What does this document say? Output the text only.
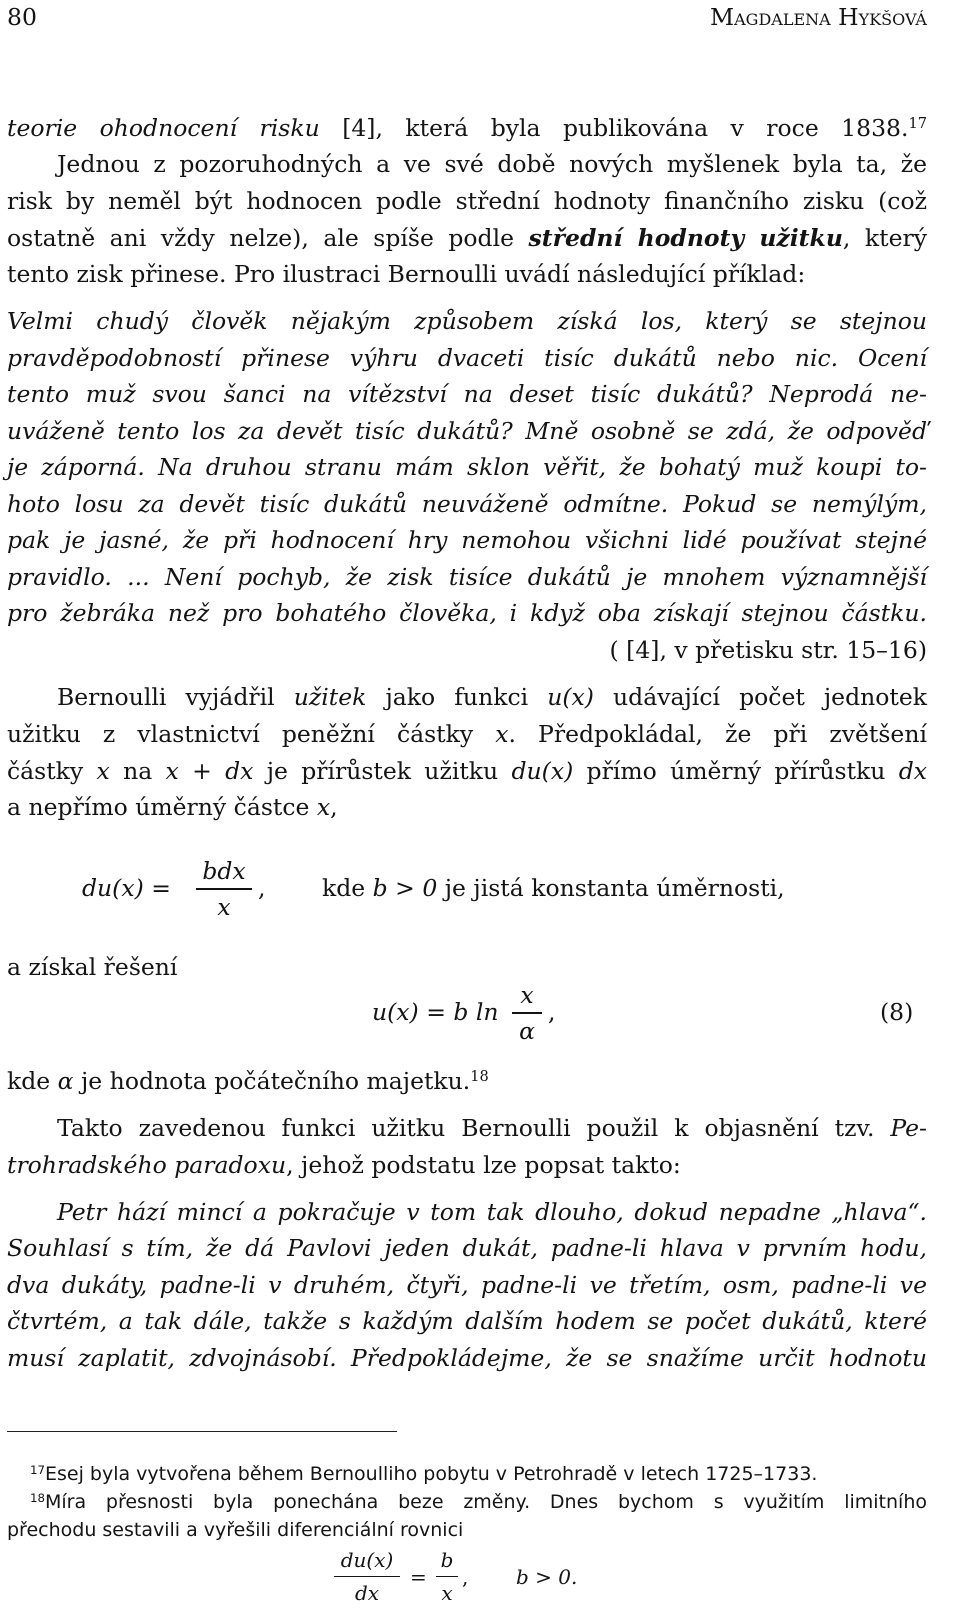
80	Magdalena Hykšová
teorie ohodnocení risku [4], která byla publikována v roce 1838.17
Jednou z pozoruhodných a ve své době nových myšlenek byla ta, že
risk by neměl být hodnocen podle střední hodnoty finančního zisku (což
ostatně ani vždy nelze), ale spíše podle střední hodnoty užitku, který
tento zisk přinese. Pro ilustraci Bernoulli uvádí následující příklad:
Velmi chudý člověk nějakým způsobem získá los, který se stejnou
pravděpodobností přinese výhru dvaceti tisíc dukátů nebo nic. Ocení
tento muž svou šanci na vítězství na deset tisíc dukátů? Neprodá ne-
uváženě tento los za devět tisíc dukátů? Mně osobně se zdá, že odpověď
je záporná. Na druhou stranu mám sklon věřit, že bohatý muž koupi to-
hoto losu za devět tisíc dukátů neuváženě odmítne. Pokud se nemýlým,
pak je jasné, že při hodnocení hry nemohou všichni lidé používat stejné
pravidlo. ... Není pochyb, že zisk tisíce dukátů je mnohem významnější
pro žebráka než pro bohatého člověka, i když oba získají stejnou částku.
( [4], v přetisku str. 15–16)
Bernoulli vyjádřil užitek jako funkci u(x) udávající počet jednotek
užitku z vlastnictví peněžní částky x. Předpokládal, že při zvětšení
částky x na x + dx je přírůstek užitku du(x) přímo úměrný přírůstku dx
a nepřímo úměrný částce x,
du(x) =
bdx
x
, kde b > 0 je jistá konstanta úměrnosti,
a získal řešení
u(x) = b ln
x
α
,	(8)
kde α je hodnota počátečního majetku.$^{18}$
Takto zavedenou funkci užitku Bernoulli použil k objasnění tzv. Pe-
trohradského paradoxu, jehož podstatu lze popsat takto:
Petr hází mincí a pokračuje v tom tak dlouho, dokud nepadne „hlava“.
Souhlasí s tím, že dá Pavlovi jeden dukát, padne-li hlava v prvním hodu,
dva dukáty, padne-li v druhém, čtyři, padne-li ve třetím, osm, padne-li ve
čtvrtém, a tak dále, takže s každým dalším hodem se počet dukátů, které
musí zaplatit, zdvojnásobí. Předpokládejme, že se snažíme určit hodnotu
$^{17}$Esej byla vytvořena během Bernoulliho pobytu v Petrohradě v letech 1725–1733.
$^{18}$Míra přesnosti byla ponechána beze změny. Dnes bychom s využitím limitního
přechodu sestavili a vyřešili diferenciální rovnici
du(x)
dx
=
b
x
, b > 0.
